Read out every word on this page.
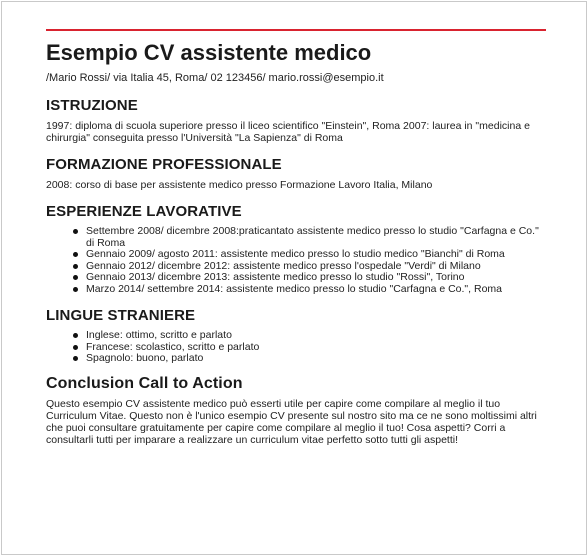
Esempio CV assistente medico

/Mario Rossi/ via Italia 45, Roma/ 02 123456/ mario.rossi@esempio.it

ISTRUZIONE

1997: diploma di scuola superiore presso il liceo scientifico "Einstein", Roma 2007: laurea in "medicina e chirurgia" conseguita presso l'Università "La Sapienza" di Roma

FORMAZIONE PROFESSIONALE

2008: corso di base per assistente medico presso Formazione Lavoro Italia, Milano

ESPERIENZE LAVORATIVE
Settembre 2008/ dicembre 2008:praticantato assistente medico presso lo studio "Carfagna e Co." di Roma
Gennaio 2009/ agosto 2011: assistente medico presso lo studio medico "Bianchi" di Roma
Gennaio 2012/ dicembre 2012: assistente medico presso l'ospedale "Verdi" di Milano
Gennaio 2013/ dicembre 2013: assistente medico presso lo studio "Rossi", Torino
Marzo 2014/ settembre 2014: assistente medico presso lo studio "Carfagna e Co.", Roma
LINGUE STRANIERE
Inglese: ottimo, scritto e parlato
Francese: scolastico, scritto e parlato
Spagnolo: buono, parlato
Conclusion Call to Action

Questo esempio CV assistente medico può esserti utile per capire come compilare al meglio il tuo Curriculum Vitae. Questo non è l'unico esempio CV presente sul nostro sito ma ce ne sono moltissimi altri che puoi consultare gratuitamente per capire come compilare al meglio il tuo! Cosa aspetti? Corri a consultarli tutti per imparare a realizzare un curriculum vitae perfetto sotto tutti gli aspetti!
